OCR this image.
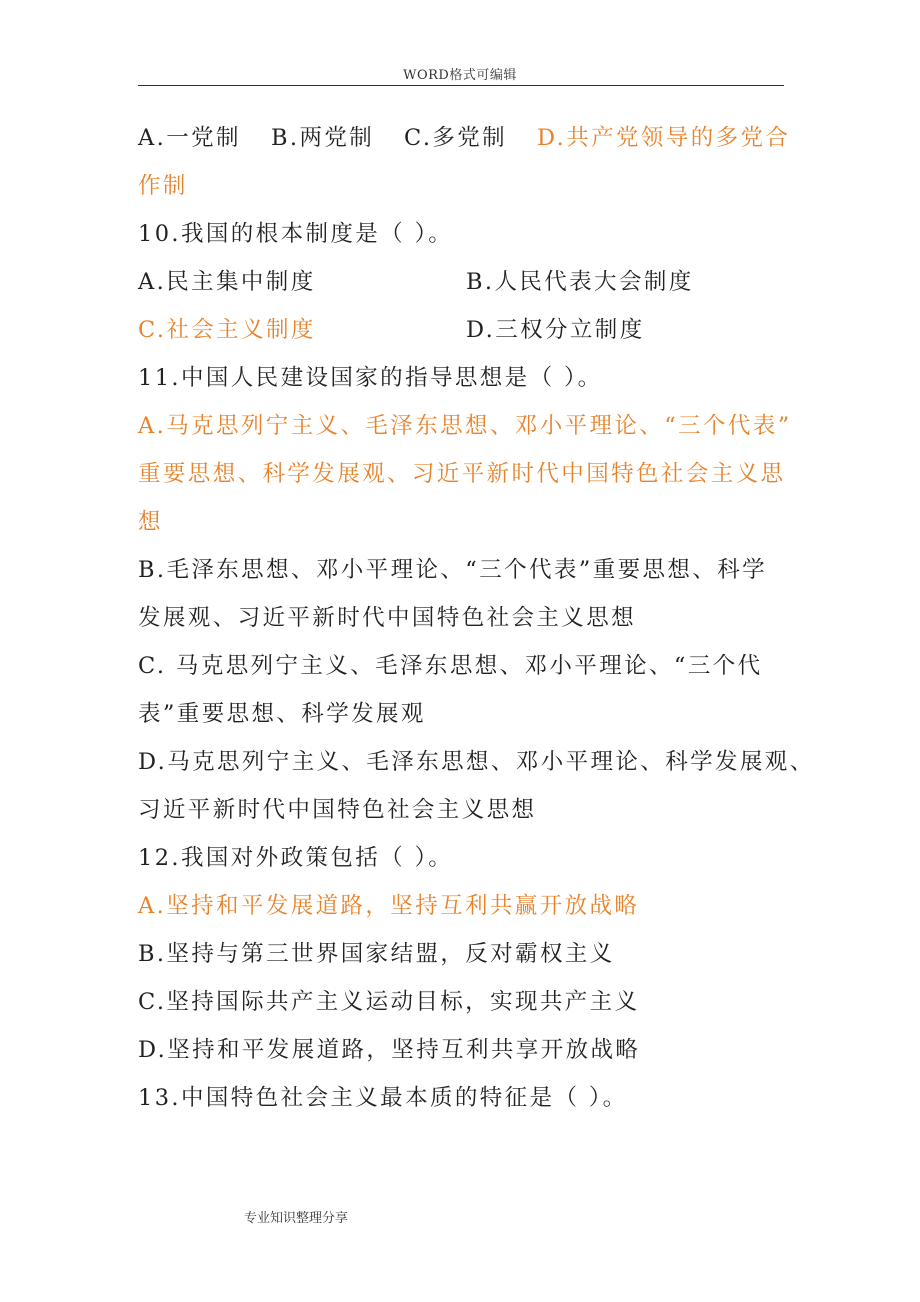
WORD格式可编辑
A.一党制 B.两党制 C.多党制 D.共产党领导的多党合
作制
10.我国的根本制度是（ ）。
A.民主集中制度	B.人民代表大会制度
C.社会主义制度	D.三权分立制度
11.中国人民建设国家的指导思想是（ ）。
A.马克思列宁主义、毛泽东思想、邓小平理论、“三个代表”
重要思想、科学发展观、习近平新时代中国特色社会主义思
想
B.毛泽东思想、邓小平理论、“三个代表”重要思想、科学
发展观、习近平新时代中国特色社会主义思想
C. 马克思列宁主义、毛泽东思想、邓小平理论、“三个代
表”重要思想、科学发展观
D.马克思列宁主义、毛泽东思想、邓小平理论、科学发展观、
习近平新时代中国特色社会主义思想
12.我国对外政策包括（ ）。
A.坚持和平发展道路，坚持互利共赢开放战略
B.坚持与第三世界国家结盟，反对霸权主义
C.坚持国际共产主义运动目标，实现共产主义
D.坚持和平发展道路，坚持互利共享开放战略
13.中国特色社会主义最本质的特征是（ ）。
专业知识整理分享
